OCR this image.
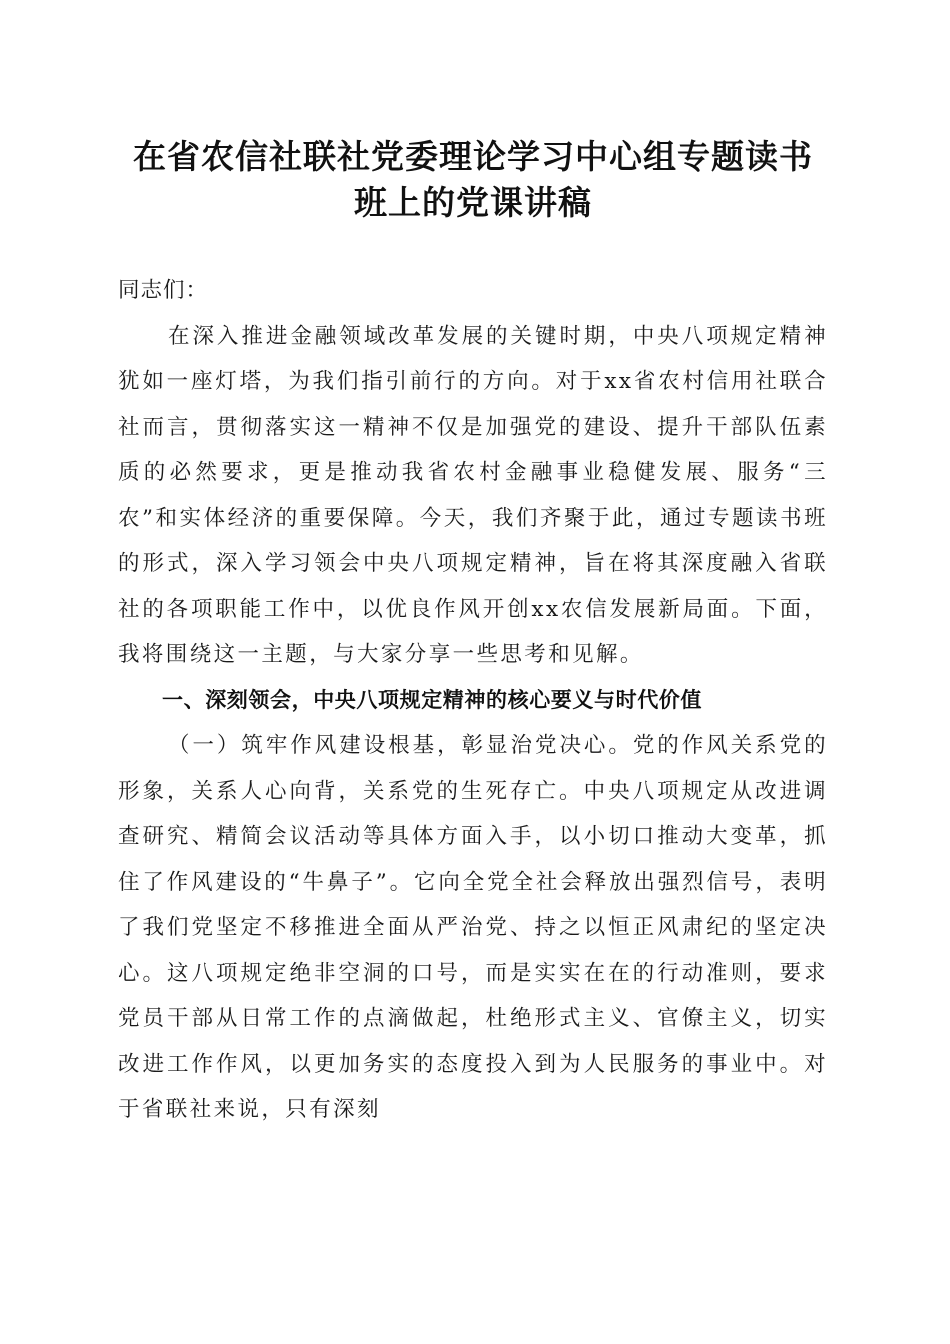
在省农信社联社党委理论学习中心组专题读书
班上的党课讲稿

同志们：

在深入推进金融领域改革发展的关键时期，中央八项规定精神犹如一座灯塔，为我们指引前行的方向。对于xx省农村信用社联合社而言，贯彻落实这一精神不仅是加强党的建设、提升干部队伍素质的必然要求，更是推动我省农村金融事业稳健发展、服务“三农”和实体经济的重要保障。今天，我们齐聚于此，通过专题读书班的形式，深入学习领会中央八项规定精神，旨在将其深度融入省联社的各项职能工作中，以优良作风开创xx农信发展新局面。下面，我将围绕这一主题，与大家分享一些思考和见解。

一、深刻领会，中央八项规定精神的核心要义与时代价值

（一）筑牢作风建设根基，彰显治党决心。党的作风关系党的形象，关系人心向背，关系党的生死存亡。中央八项规定从改进调查研究、精简会议活动等具体方面入手，以小切口推动大变革，抓住了作风建设的“牛鼻子”。它向全党全社会释放出强烈信号，表明了我们党坚定不移推进全面从严治党、持之以恒正风肃纪的坚定决心。这八项规定绝非空洞的口号，而是实实在在的行动准则，要求党员干部从日常工作的点滴做起，杜绝形式主义、官僚主义，切实改进工作作风，以更加务实的态度投入到为人民服务的事业中。对于省联社来说，只有深刻
